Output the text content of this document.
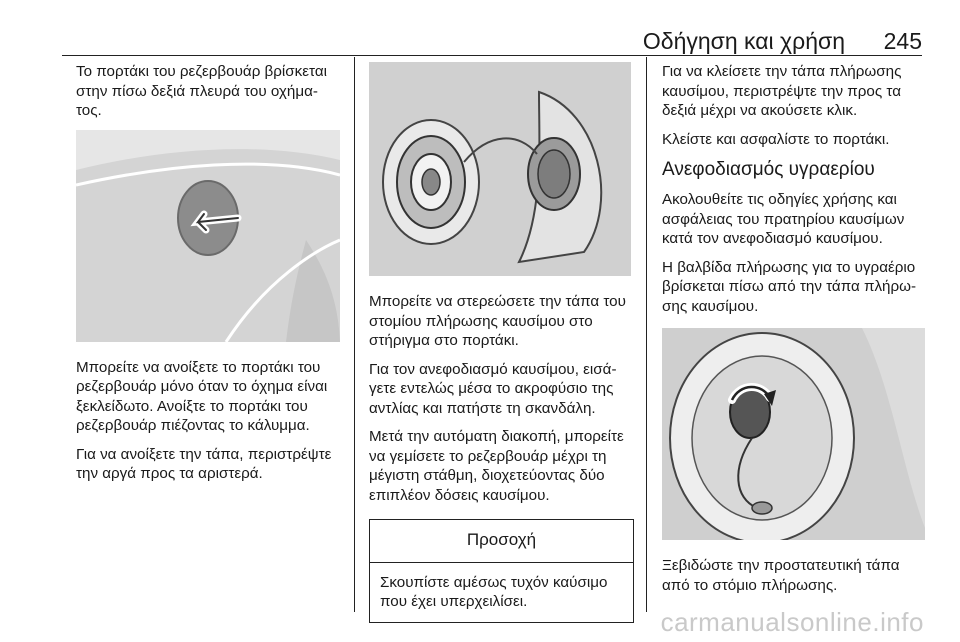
Οδήγηση και χρήση 245

Το πορτάκι του ρεζερβουάρ βρίσκεται στην πίσω δεξιά πλευρά του οχήμα-τος.

Μπορείτε να ανοίξετε το πορτάκι του ρεζερβουάρ μόνο όταν το όχημα είναι ξεκλείδωτο. Ανοίξτε το πορτάκι του ρεζερβουάρ πιέζοντας το κάλυμμα.

Για να ανοίξετε την τάπα, περιστρέψτε την αργά προς τα αριστερά.

Μπορείτε να στερεώσετε την τάπα του στομίου πλήρωσης καυσίμου στο στήριγμα στο πορτάκι.

Για τον ανεφοδιασμό καυσίμου, εισά-γετε εντελώς μέσα το ακροφύσιο της αντλίας και πατήστε τη σκανδάλη.

Μετά την αυτόματη διακοπή, μπορείτε να γεμίσετε το ρεζερβουάρ μέχρι τη μέγιστη στάθμη, διοχετεύοντας δύο επιπλέον δόσεις καυσίμου.

Προσοχή
Σκουπίστε αμέσως τυχόν καύσιμο που έχει υπερχειλίσει.

Για να κλείσετε την τάπα πλήρωσης καυσίμου, περιστρέψτε την προς τα δεξιά μέχρι να ακούσετε κλικ.

Κλείστε και ασφαλίστε το πορτάκι.

Ανεφοδιασμός υγραερίου

Ακολουθείτε τις οδηγίες χρήσης και ασφάλειας του πρατηρίου καυσίμων κατά τον ανεφοδιασμό καυσίμου.

Η βαλβίδα πλήρωσης για το υγραέριο βρίσκεται πίσω από την τάπα πλήρω-σης καυσίμου.

Ξεβιδώστε την προστατευτική τάπα από το στόμιο πλήρωσης.

carmanualsonline.info
